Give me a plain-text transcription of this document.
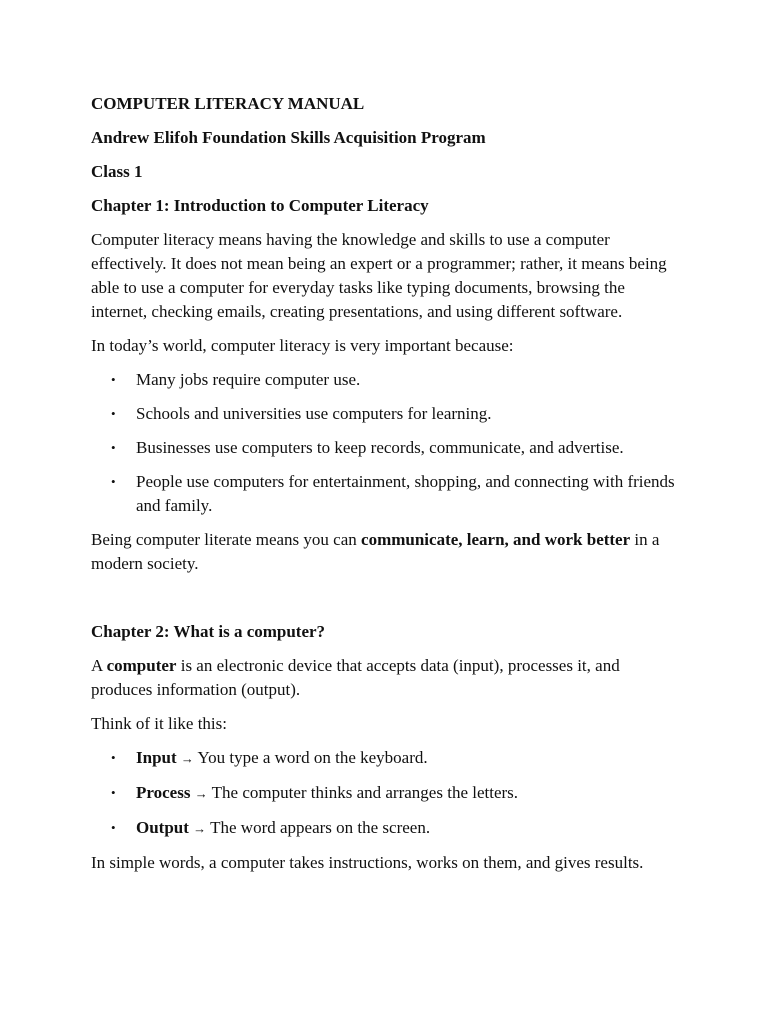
COMPUTER LITERACY MANUAL

Andrew Elifoh Foundation Skills Acquisition Program

Class 1

Chapter 1: Introduction to Computer Literacy

Computer literacy means having the knowledge and skills to use a computer effectively. It does not mean being an expert or a programmer; rather, it means being able to use a computer for everyday tasks like typing documents, browsing the internet, checking emails, creating presentations, and using different software.

In today’s world, computer literacy is very important because:

• Many jobs require computer use.
• Schools and universities use computers for learning.
• Businesses use computers to keep records, communicate, and advertise.
• People use computers for entertainment, shopping, and connecting with friends and family.

Being computer literate means you can communicate, learn, and work better in a modern society.

Chapter 2: What is a computer?

A computer is an electronic device that accepts data (input), processes it, and produces information (output).

Think of it like this:

• Input → You type a word on the keyboard.
• Process → The computer thinks and arranges the letters.
• Output → The word appears on the screen.

In simple words, a computer takes instructions, works on them, and gives results.
